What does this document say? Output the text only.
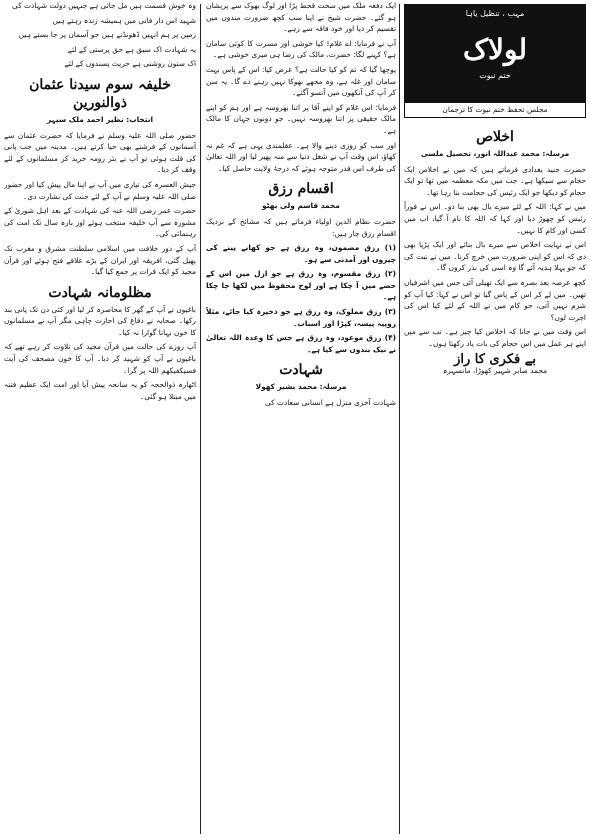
مہب ، تنظیل یاہا
لولاک
ختم نبوت
مجلس تحفظ ختم نبوت کا ترجمان
اخلاص
مرسلہ: محمد عبداللہ انور، تحصیل ملسی

حضرت جنید بغدادی فرماتے ہیں کہ میں نے اخلاص ایک حجام سے سیکھا ہے۔ جب میں مکہ معظمہ میں تھا تو ایک حجام کو دیکھا جو ایک رئیس کی حجامت بنا رہا تھا۔

میں نے کہا: اللہ کے لئے میرے بال بھی بنا دو۔ اس نے فوراً رئیس کو چھوڑ دیا اور کہا کہ اللہ کا نام آ گیا، اب میں کسی اور کام کا نہیں۔

اس نے نہایت اخلاص سے میرے بال بنائے اور ایک پڑیا بھی دی کہ اس کو اپنی ضرورت میں خرچ کرنا۔ میں نے نیت کی کہ جو پہلا ہدیہ آئے گا وہ اسی کی نذر کروں گا۔

کچھ عرصہ بعد بصرہ سے ایک تھیلی آئی جس میں اشرفیاں تھیں۔ میں لے کر اس کے پاس گیا تو اس نے کہا: کیا آپ کو شرم نہیں آتی، جو کام میں نے اللہ کے لئے کیا اس کی اجرت لوں؟

اس وقت میں نے جانا کہ اخلاص کیا چیز ہے۔ تب سے میں اپنے ہر عمل میں اس حجام کی بات یاد رکھتا ہوں۔

بے فکری کا راز
محمد صابر شہیر کھوڑا، مانسہرہ

ایک دفعہ ملک میں سخت قحط پڑا اور لوگ بھوک سے پریشان ہو گئے۔ حضرت شیخ نے اپنا سب کچھ ضرورت مندوں میں تقسیم کر دیا اور خود فاقہ سے رہے۔

آپ نے فرمایا: اے غلام! کیا خوشی اور مسرت کا کوئی سامان ہے؟ کہنے لگا: حضرت، مالک کی رضا ہی میری خوشی ہے۔

پوچھا گیا کہ تم کو کیا حالت ہے؟ عرض کیا: اس کے پاس بہت سامان اور غلہ ہے، وہ مجھے بھوکا نہیں رہنے دے گا۔ یہ سن کر آپ کی آنکھوں میں آنسو آگئے۔

فرمایا: اس غلام کو اپنے آقا پر اتنا بھروسہ ہے اور ہم کو اپنے مالک حقیقی پر اتنا بھروسہ نہیں۔ جو دونوں جہان کا مالک ہے۔

اور سب کو روزی دینے والا ہے۔ عقلمندی یہی ہے کہ غم نہ کھاؤ، اس وقت آپ نے شغل دنیا سے منہ پھیر لیا اور اللہ تعالیٰ کی طرف اس قدر متوجہ ہوئے کہ درجۂ ولایت حاصل کیا۔

اقسام رزق
محمد قاسم ولی بھٹو

حضرت نظام الدین اولیاء فرماتے ہیں کہ مشائخ کے نزدیک اقسام رزق چار ہیں:

(۱) رزق مضمون، وہ رزق ہے جو کھانے پینے کی چیزوں اور آمدنی سے ہو۔

(۲) رزق مقسوم، وہ رزق ہے جو ازل میں اس کے حصے میں آ چکا ہے اور لوح محفوظ میں لکھا جا چکا ہے۔

(۳) رزق مملوک، وہ رزق ہے جو ذخیرہ کیا جائے، مثلاً روپیہ پیسہ، کپڑا اور اسباب۔

(۴) رزق موعود، وہ رزق ہے جس کا وعدہ اللہ تعالیٰ نے نیک بندوں سے کیا ہے۔

شہادت
مرسلہ: محمد بشیر کھولا

شہادت آخری منزل ہے انسانی سعادت کی

وہ خوش قسمت ہیں مل جاتی ہے جنہیں دولت شہادت کی

شہید اس دار فانی میں ہمیشہ زندہ رہتے ہیں

زمین پر ہم انہیں ڈھونڈتے ہیں جو آسمان پر جا بستے ہیں

یہ شہادت اک سبق ہے حق پرستی کے لئے

اک ستون روشنی ہے حریت پسندوں کے لئے

خلیفہ سوم سیدنا عثمان ذوالنورین
انتخاب: نظیر احمد ملک سیہر

حضور صلی اللہ علیہ وسلم نے فرمایا کہ حضرت عثمان سے آسمانوں کے فرشتے بھی حیا کرتے ہیں۔ مدینہ میں جب پانی کی قلت ہوئی تو آپ نے بئر رومہ خرید کر مسلمانوں کے لئے وقف کر دیا۔

جیش العسرہ کی تیاری میں آپ نے اپنا مال پیش کیا اور حضور صلی اللہ علیہ وسلم نے آپ کے لئے جنت کی بشارت دی۔

حضرت عمر رضی اللہ عنہ کی شہادت کے بعد اہل شوریٰ کے مشورہ سے آپ خلیفہ منتخب ہوئے اور بارہ سال تک امت کی رہنمائی کی۔

آپ کے دور خلافت میں اسلامی سلطنت مشرق و مغرب تک پھیل گئی، افریقہ اور ایران کے بڑے علاقے فتح ہوئے اور قرآن مجید کو ایک قرات پر جمع کیا گیا۔

مظلومانہ شہادت

باغیوں نے آپ کے گھر کا محاصرہ کر لیا اور کئی دن تک پانی بند رکھا۔ صحابہ نے دفاع کی اجازت چاہی مگر آپ نے مسلمانوں کا خون بہانا گوارا نہ کیا۔

آپ روزے کی حالت میں قرآن مجید کی تلاوت کر رہے تھے کہ باغیوں نے آپ کو شہید کر دیا۔ آپ کا خون مصحف کی آیت فسیکفیکھم اللہ پر گرا۔

اٹھارہ ذوالحجہ کو یہ سانحہ پیش آیا اور امت ایک عظیم فتنہ میں مبتلا ہو گئی۔
